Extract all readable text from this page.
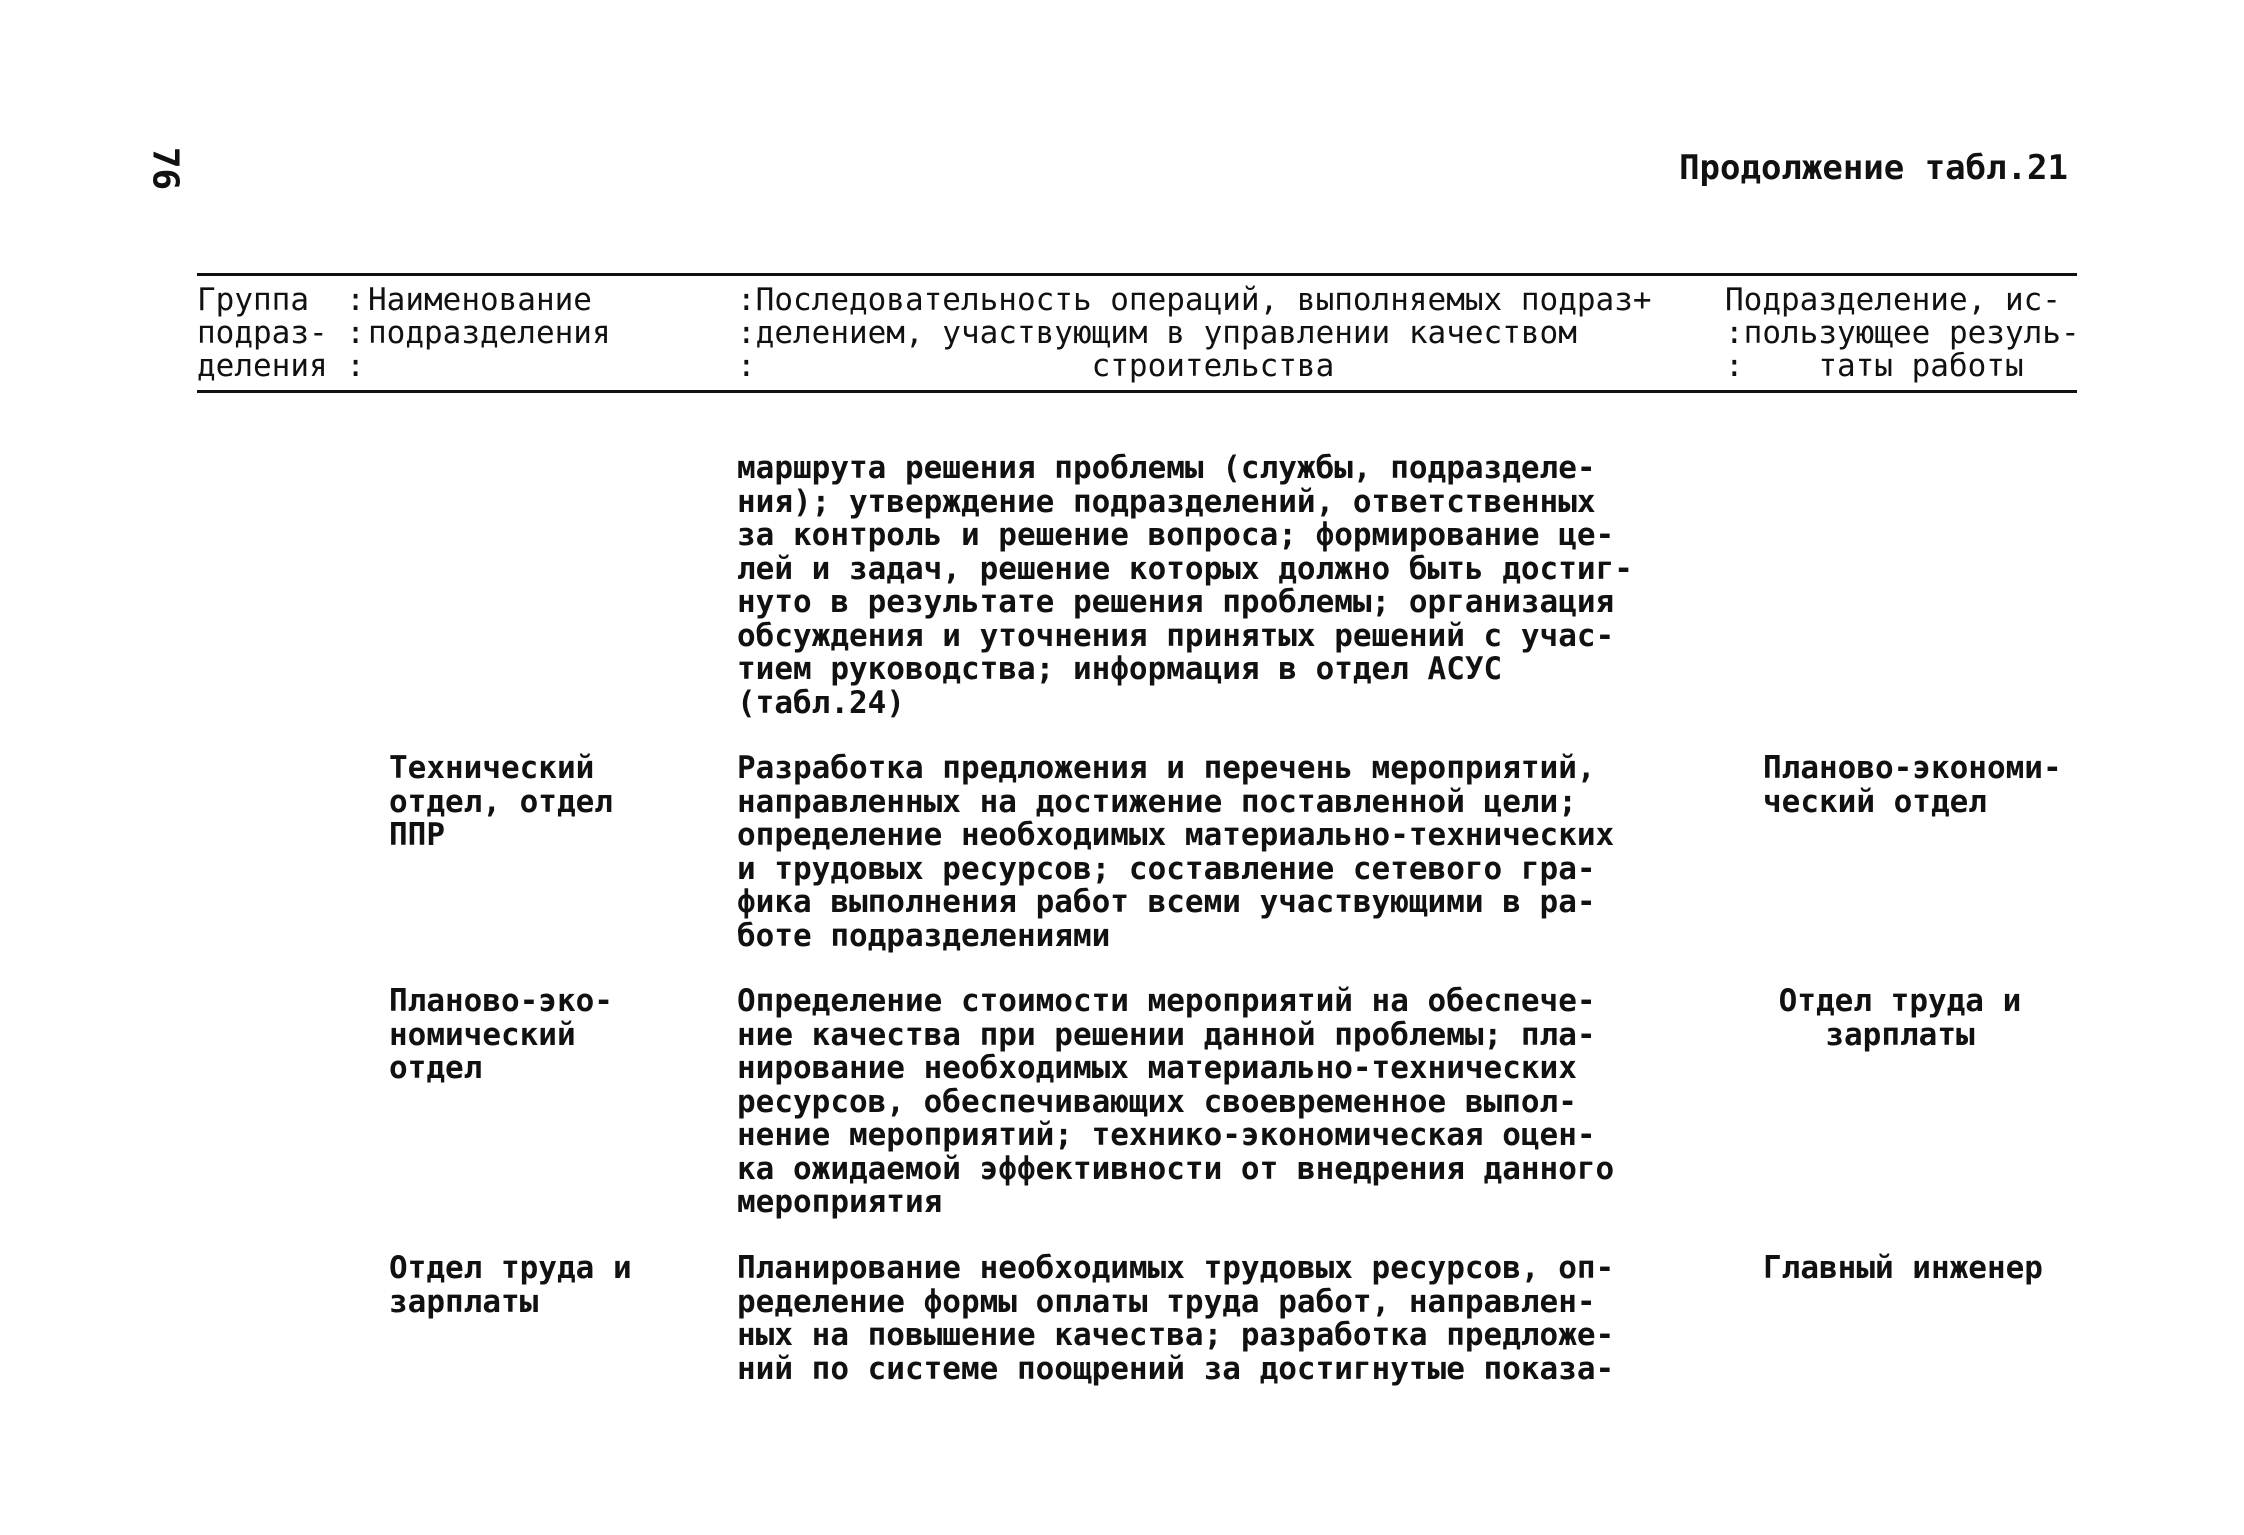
76	Продолжение табл.21
Группа  :
подраз- :
деления :
Наименование
подразделения
:Последовательность операций, выполняемых подраз+
:делением, участвующим в управлении качеством
:                  строительства
Подразделение, ис-
:пользующее резуль-
:    таты работы
маршрута решения проблемы (службы, подразделе-
ния); утверждение подразделений, ответственных
за контроль и решение вопроса; формирование це-
лей и задач, решение которых должно быть достиг-
нуто в результате решения проблемы; организация
обсуждения и уточнения принятых решений с учас-
тием руководства; информация в отдел АСУС
(табл.24)
Технический
отдел, отдел
ППР
Разработка предложения и перечень мероприятий,
направленных на достижение поставленной цели;
определение необходимых материально-технических
и трудовых ресурсов; составление сетевого гра-
фика выполнения работ всеми участвующими в ра-
боте подразделениями
Планово-экономи-
ческий отдел
Планово-эко-
номический
отдел
Определение стоимости мероприятий на обеспече-
ние качества при решении данной проблемы; пла-
нирование необходимых материально-технических
ресурсов, обеспечивающих своевременное выпол-
нение мероприятий; технико-экономическая оцен-
ка ожидаемой эффективности от внедрения данного
мероприятия
Отдел труда и
зарплаты
Отдел труда и
зарплаты
Планирование необходимых трудовых ресурсов, оп-
ределение формы оплаты труда работ, направлен-
ных на повышение качества; разработка предложе-
ний по системе поощрений за достигнутые показа-
Главный инженер
